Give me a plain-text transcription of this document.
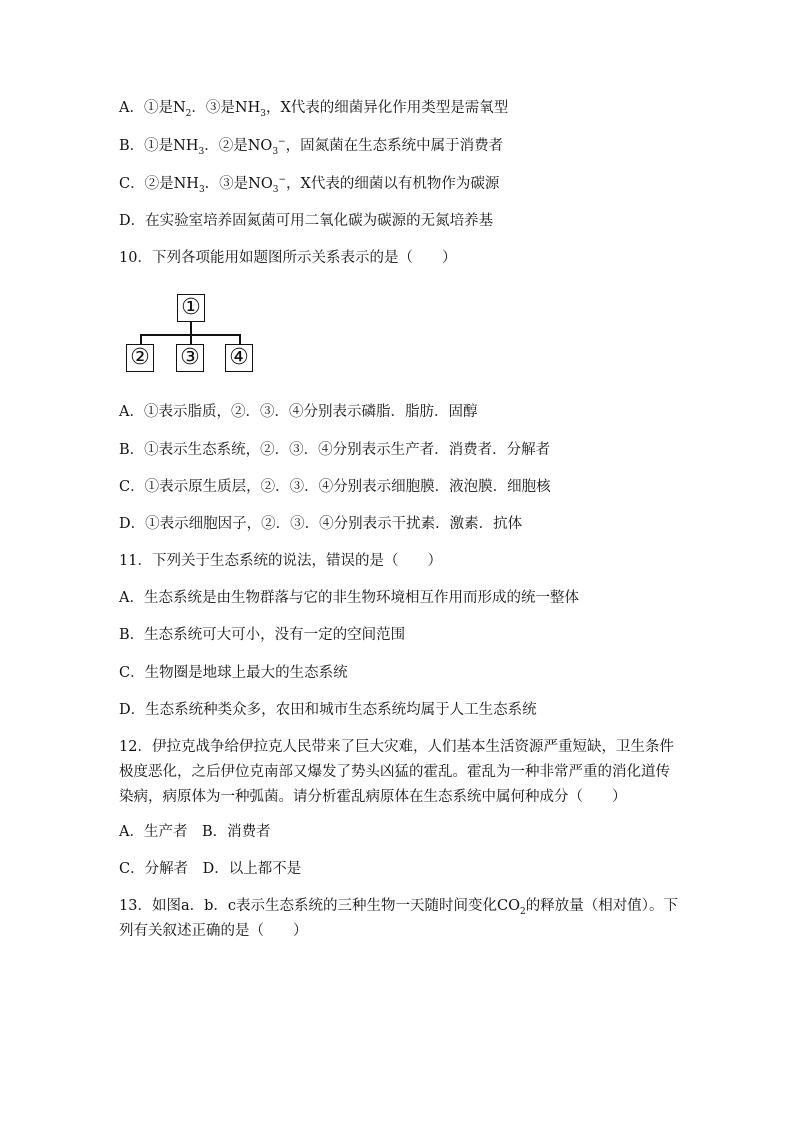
A．①是$N_2$．③是$NH_3$，X代表的细菌异化作用类型是需氧型
B．①是$NH_3$．②是$NO_3^-$，固氮菌在生态系统中属于消费者
C．②是$NH_3$．③是$NO_3^-$，X代表的细菌以有机物作为碳源
D．在实验室培养固氮菌可用二氧化碳为碳源的无氮培养基
10．下列各项能用如题图所示关系表示的是（　　）
①
② ③ ④
A．①表示脂质，②．③．④分别表示磷脂．脂肪．固醇
B．①表示生态系统，②．③．④分别表示生产者．消费者．分解者
C．①表示原生质层，②．③．④分别表示细胞膜．液泡膜．细胞核
D．①表示细胞因子，②．③．④分别表示干扰素．激素．抗体
11．下列关于生态系统的说法，错误的是（　　）
A．生态系统是由生物群落与它的非生物环境相互作用而形成的统一整体
B．生态系统可大可小，没有一定的空间范围
C．生物圈是地球上最大的生态系统
D．生态系统种类众多，农田和城市生态系统均属于人工生态系统
12．伊拉克战争给伊拉克人民带来了巨大灾难，人们基本生活资源严重短缺，卫生条件极度恶化，之后伊位克南部又爆发了势头凶猛的霍乱。霍乱为一种非常严重的消化道传染病，病原体为一种弧菌。请分析霍乱病原体在生态系统中属何种成分（　　）
A．生产者　B．消费者
C．分解者　D．以上都不是
13．如图a．b．c表示生态系统的三种生物一天随时间变化$CO_2$的释放量（相对值）。下列有关叙述正确的是（　　）
